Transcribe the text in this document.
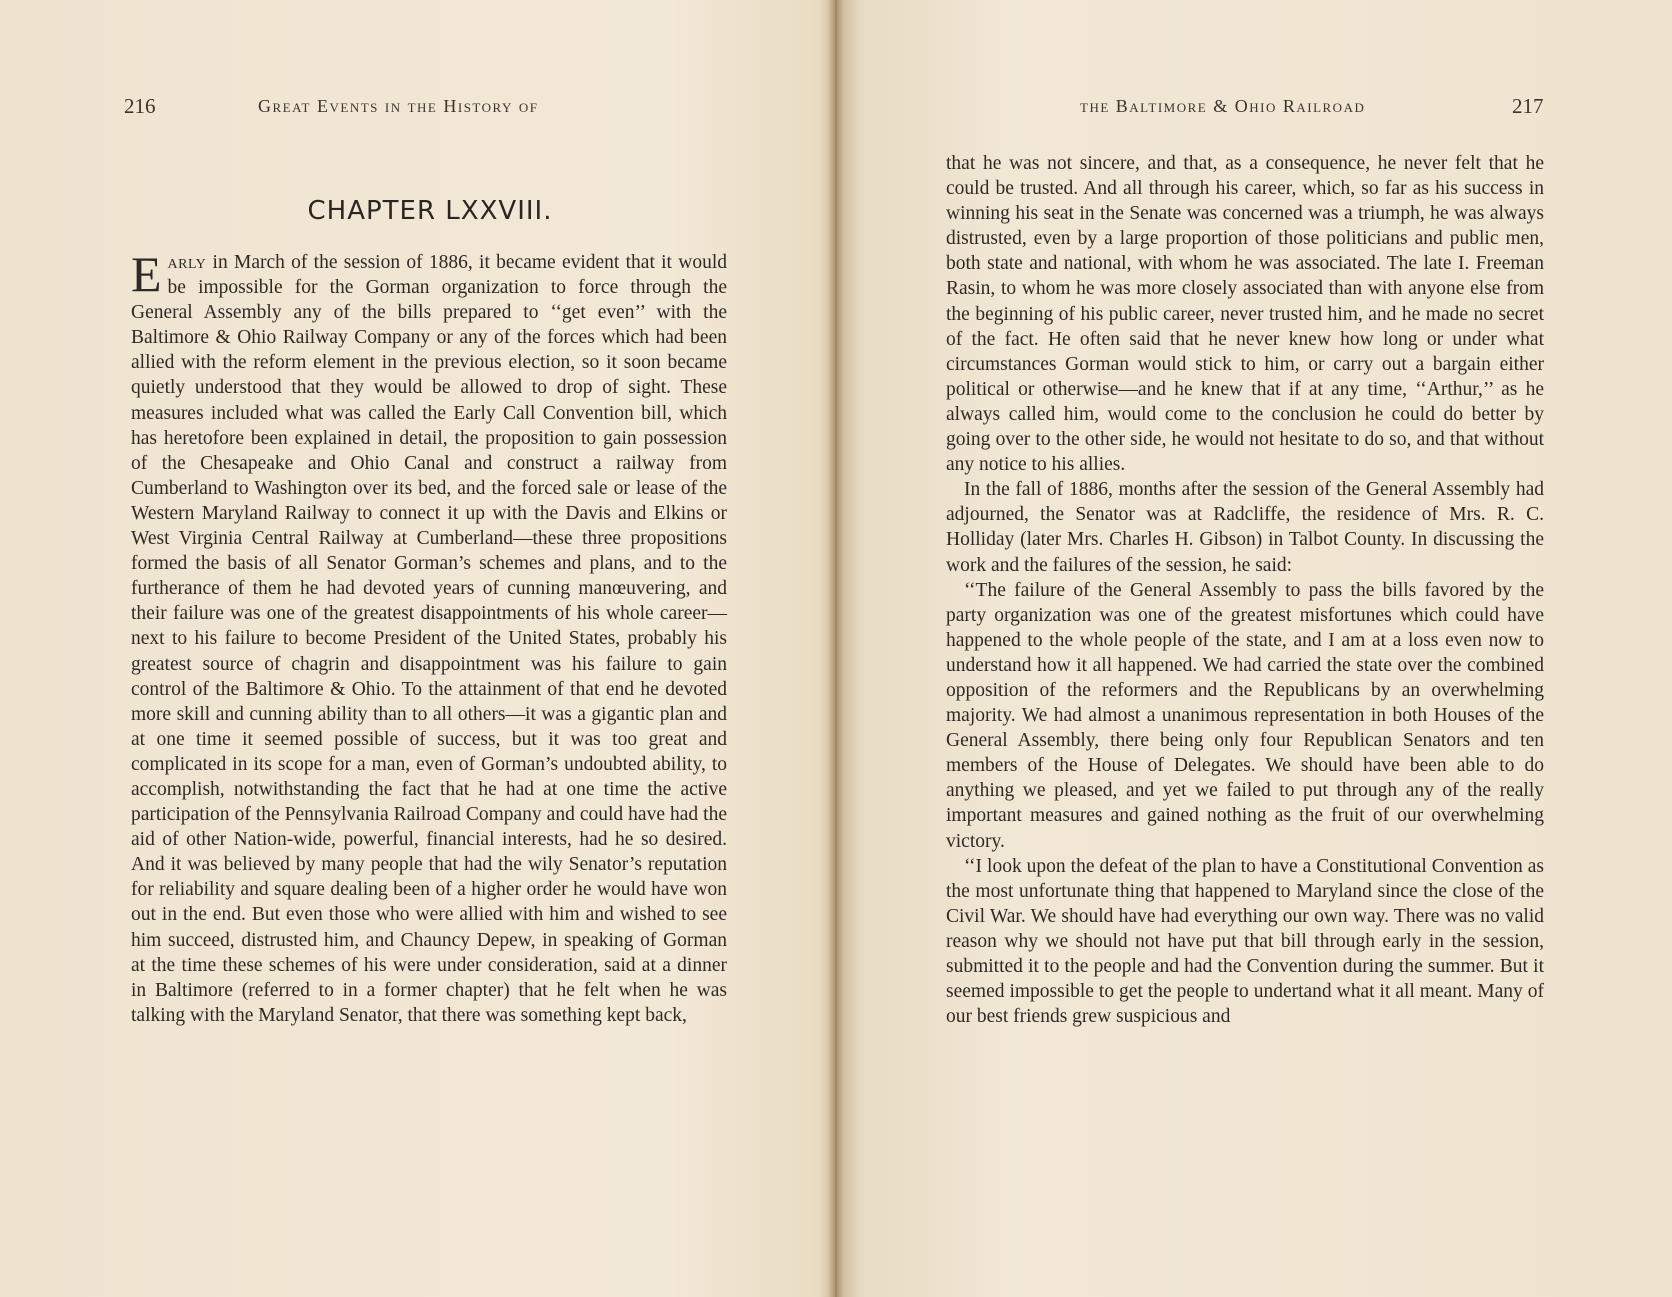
216	Great Events in the History of
CHAPTER LXXVIII.

Early in March of the session of 1886, it became evident that it would be impossible for the Gorman organization to force through the General Assembly any of the bills prepared to ‘‘get even’’ with the Baltimore & Ohio Railway Company or any of the forces which had been allied with the reform element in the previous election, so it soon became quietly understood that they would be allowed to drop of sight. These measures included what was called the Early Call Convention bill, which has heretofore been explained in detail, the proposition to gain possession of the Chesapeake and Ohio Canal and construct a railway from Cumberland to Washington over its bed, and the forced sale or lease of the Western Maryland Railway to connect it up with the Davis and Elkins or West Virginia Central Railway at Cumberland—these three propositions formed the basis of all Senator Gorman’s schemes and plans, and to the furtherance of them he had devoted years of cunning manœuvering, and their failure was one of the greatest disappointments of his whole career—next to his failure to become President of the United States, probably his greatest source of chagrin and disappointment was his failure to gain control of the Baltimore & Ohio. To the attainment of that end he devoted more skill and cunning ability than to all others—it was a gigantic plan and at one time it seemed possible of success, but it was too great and complicated in its scope for a man, even of Gorman’s undoubted ability, to accomplish, notwithstanding the fact that he had at one time the active participation of the Pennsylvania Railroad Company and could have had the aid of other Nation-wide, powerful, financial interests, had he so desired. And it was believed by many people that had the wily Senator’s reputation for reliability and square dealing been of a higher order he would have won out in the end. But even those who were allied with him and wished to see him succeed, distrusted him, and Chauncy Depew, in speaking of Gorman at the time these schemes of his were under consideration, said at a dinner in Baltimore (referred to in a former chapter) that he felt when he was talking with the Maryland Senator, that there was something kept back,

the Baltimore & Ohio Railroad	217

that he was not sincere, and that, as a consequence, he never felt that he could be trusted. And all through his career, which, so far as his success in winning his seat in the Senate was concerned was a triumph, he was always distrusted, even by a large proportion of those politicians and public men, both state and national, with whom he was associated. The late I. Freeman Rasin, to whom he was more closely associated than with anyone else from the beginning of his public career, never trusted him, and he made no secret of the fact. He often said that he never knew how long or under what circumstances Gorman would stick to him, or carry out a bargain either political or otherwise—and he knew that if at any time, ‘‘Arthur,’’ as he always called him, would come to the conclusion he could do better by going over to the other side, he would not hesitate to do so, and that without any notice to his allies.

In the fall of 1886, months after the session of the General Assembly had adjourned, the Senator was at Radcliffe, the residence of Mrs. R. C. Holliday (later Mrs. Charles H. Gibson) in Talbot County. In discussing the work and the failures of the session, he said:

‘‘The failure of the General Assembly to pass the bills favored by the party organization was one of the greatest misfortunes which could have happened to the whole people of the state, and I am at a loss even now to understand how it all happened. We had carried the state over the combined opposition of the reformers and the Republicans by an overwhelming majority. We had almost a unanimous representation in both Houses of the General Assembly, there being only four Republican Senators and ten members of the House of Delegates. We should have been able to do anything we pleased, and yet we failed to put through any of the really important measures and gained nothing as the fruit of our overwhelming victory.

‘‘I look upon the defeat of the plan to have a Constitutional Convention as the most unfortunate thing that happened to Maryland since the close of the Civil War. We should have had everything our own way. There was no valid reason why we should not have put that bill through early in the session, submitted it to the people and had the Convention during the summer. But it seemed impossible to get the people to undertand what it all meant. Many of our best friends grew suspicious and
